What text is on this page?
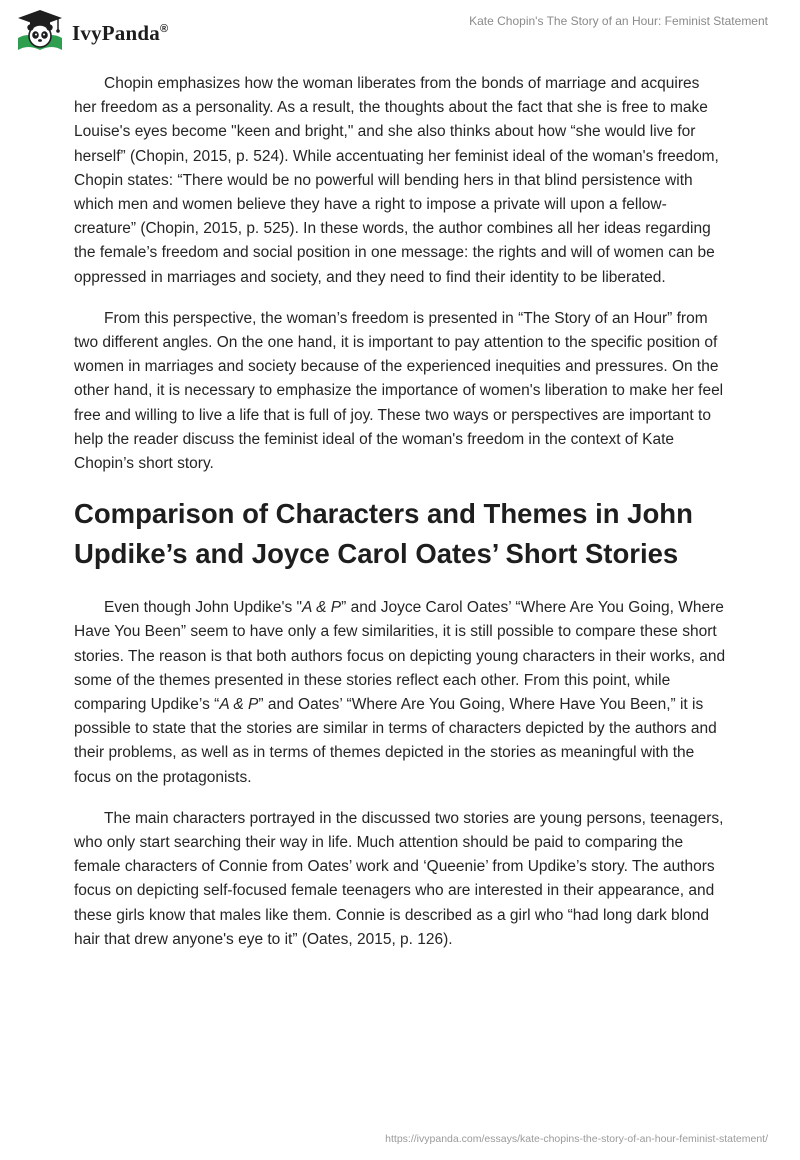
IvyPanda®
Kate Chopin's The Story of an Hour: Feminist Statement

Chopin emphasizes how the woman liberates from the bonds of marriage and acquires her freedom as a personality. As a result, the thoughts about the fact that she is free to make Louise's eyes become "keen and bright," and she also thinks about how “she would live for herself” (Chopin, 2015, p. 524). While accentuating her feminist ideal of the woman's freedom, Chopin states: “There would be no powerful will bending hers in that blind persistence with which men and women believe they have a right to impose a private will upon a fellow-creature” (Chopin, 2015, p. 525). In these words, the author combines all her ideas regarding the female’s freedom and social position in one message: the rights and will of women can be oppressed in marriages and society, and they need to find their identity to be liberated.

From this perspective, the woman’s freedom is presented in “The Story of an Hour” from two different angles. On the one hand, it is important to pay attention to the specific position of women in marriages and society because of the experienced inequities and pressures. On the other hand, it is necessary to emphasize the importance of women's liberation to make her feel free and willing to live a life that is full of joy. These two ways or perspectives are important to help the reader discuss the feminist ideal of the woman's freedom in the context of Kate Chopin’s short story.

Comparison of Characters and Themes in John Updike’s and Joyce Carol Oates’ Short Stories

Even though John Updike's "A & P” and Joyce Carol Oates’ “Where Are You Going, Where Have You Been” seem to have only a few similarities, it is still possible to compare these short stories. The reason is that both authors focus on depicting young characters in their works, and some of the themes presented in these stories reflect each other. From this point, while comparing Updike’s “A & P” and Oates’ “Where Are You Going, Where Have You Been,” it is possible to state that the stories are similar in terms of characters depicted by the authors and their problems, as well as in terms of themes depicted in the stories as meaningful with the focus on the protagonists.

The main characters portrayed in the discussed two stories are young persons, teenagers, who only start searching their way in life. Much attention should be paid to comparing the female characters of Connie from Oates’ work and ‘Queenie’ from Updike’s story. The authors focus on depicting self-focused female teenagers who are interested in their appearance, and these girls know that males like them. Connie is described as a girl who “had long dark blond hair that drew anyone's eye to it” (Oates, 2015, p. 126).

https://ivypanda.com/essays/kate-chopins-the-story-of-an-hour-feminist-statement/
